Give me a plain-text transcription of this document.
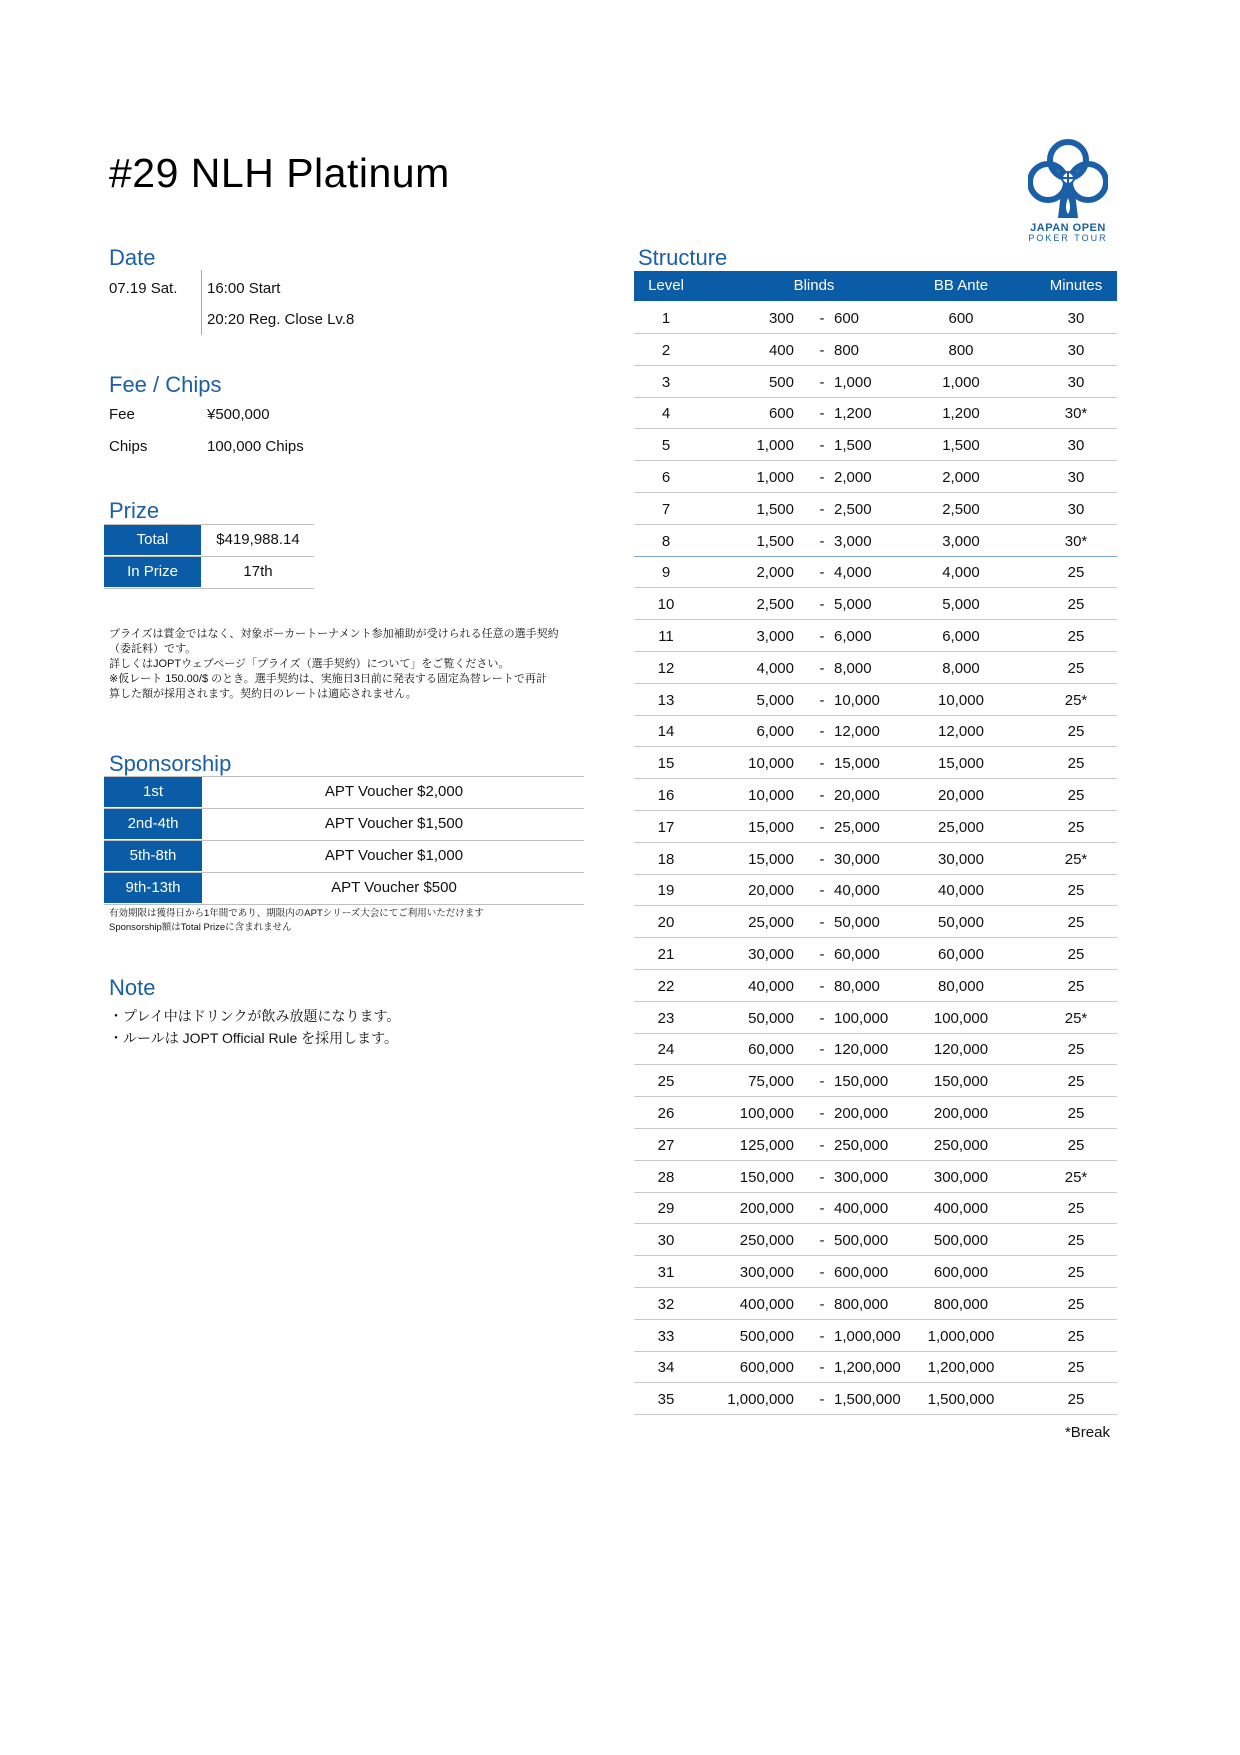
#29 NLH Platinum
JAPAN OPEN
POKER TOUR
Date
07.19 Sat. 16:00 Start
20:20 Reg. Close Lv.8
Fee / Chips
Fee	¥500,000
Chips	100,000 Chips
Prize
Total	$419,988.14
In Prize	17th
プライズは賞金ではなく、対象ポーカートーナメント参加補助が受けられる任意の選手契約
（委託料）です。
詳しくはJOPTウェブページ「プライズ（選手契約）について」をご覧ください。
※仮レート 150.00/$ のとき。選手契約は、実施日3日前に発表する固定為替レートで再計
算した額が採用されます。契約日のレートは適応されません。
Sponsorship
1st	APT Voucher $2,000
2nd-4th	APT Voucher $1,500
5th-8th	APT Voucher $1,000
9th-13th	APT Voucher $500
有効期限は獲得日から1年間であり、期限内のAPTシリーズ大会にてご利用いただけます
Sponsorship額はTotal Prizeに含まれません
Note
・プレイ中はドリンクが飲み放題になります。
・ルールは JOPT Official Rule を採用します。
Structure
Level	Blinds	BB Ante	Minutes
1	300 - 600	600	30
2	400 - 800	800	30
3	500 - 1,000	1,000	30
4	600 - 1,200	1,200	30*
5	1,000 - 1,500	1,500	30
6	1,000 - 2,000	2,000	30
7	1,500 - 2,500	2,500	30
8	1,500 - 3,000	3,000	30*
9	2,000 - 4,000	4,000	25
10	2,500 - 5,000	5,000	25
11	3,000 - 6,000	6,000	25
12	4,000 - 8,000	8,000	25
13	5,000 - 10,000	10,000	25*
14	6,000 - 12,000	12,000	25
15	10,000 - 15,000	15,000	25
16	10,000 - 20,000	20,000	25
17	15,000 - 25,000	25,000	25
18	15,000 - 30,000	30,000	25*
19	20,000 - 40,000	40,000	25
20	25,000 - 50,000	50,000	25
21	30,000 - 60,000	60,000	25
22	40,000 - 80,000	80,000	25
23	50,000 - 100,000	100,000	25*
24	60,000 - 120,000	120,000	25
25	75,000 - 150,000	150,000	25
26	100,000 - 200,000	200,000	25
27	125,000 - 250,000	250,000	25
28	150,000 - 300,000	300,000	25*
29	200,000 - 400,000	400,000	25
30	250,000 - 500,000	500,000	25
31	300,000 - 600,000	600,000	25
32	400,000 - 800,000	800,000	25
33	500,000 - 1,000,000	1,000,000	25
34	600,000 - 1,200,000	1,200,000	25
35	1,000,000 - 1,500,000	1,500,000	25
*Break
